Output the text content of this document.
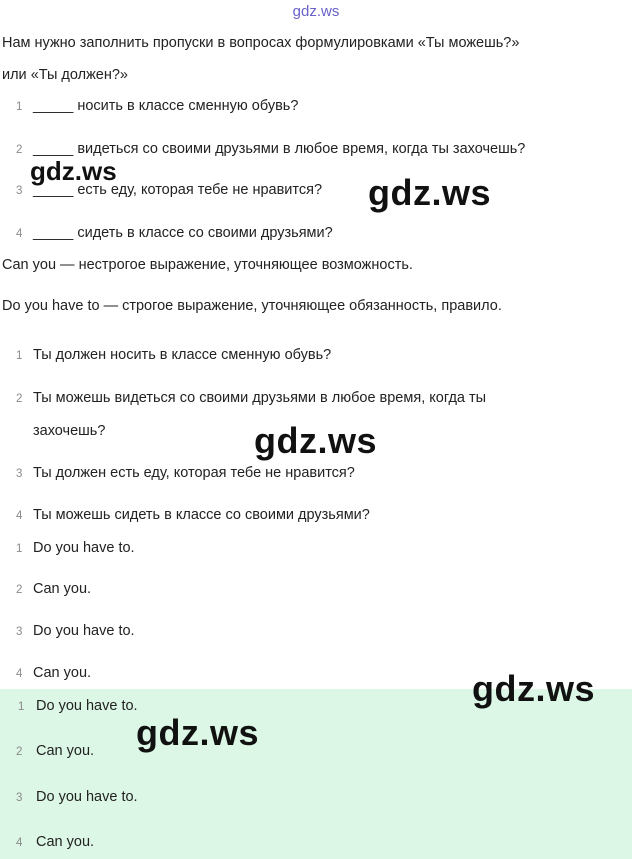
gdz.ws
Нам нужно заполнить пропуски в вопросах формулировками «Ты можешь?»
или «Ты должен?»
1 _____ носить в классе сменную обувь?
2 _____ видеться со своими друзьями в любое время, когда ты захочешь?
3 _____ есть еду, которая тебе не нравится?
4 _____ сидеть в классе со своими друзьями?
Can you — нестрогое выражение, уточняющее возможность.
Do you have to — строгое выражение, уточняющее обязанность, правило.
1 Ты должен носить в классе сменную обувь?
2 Ты можешь видеться со своими друзьями в любое время, когда ты
захочешь?
3 Ты должен есть еду, которая тебе не нравится?
4 Ты можешь сидеть в классе со своими друзьями?
1 Do you have to.
2 Can you.
3 Do you have to.
4 Can you.
1 Do you have to.
2 Can you.
3 Do you have to.
4 Can you.
gdz.ws
gdz.ws
gdz.ws
gdz.ws
gdz.ws
